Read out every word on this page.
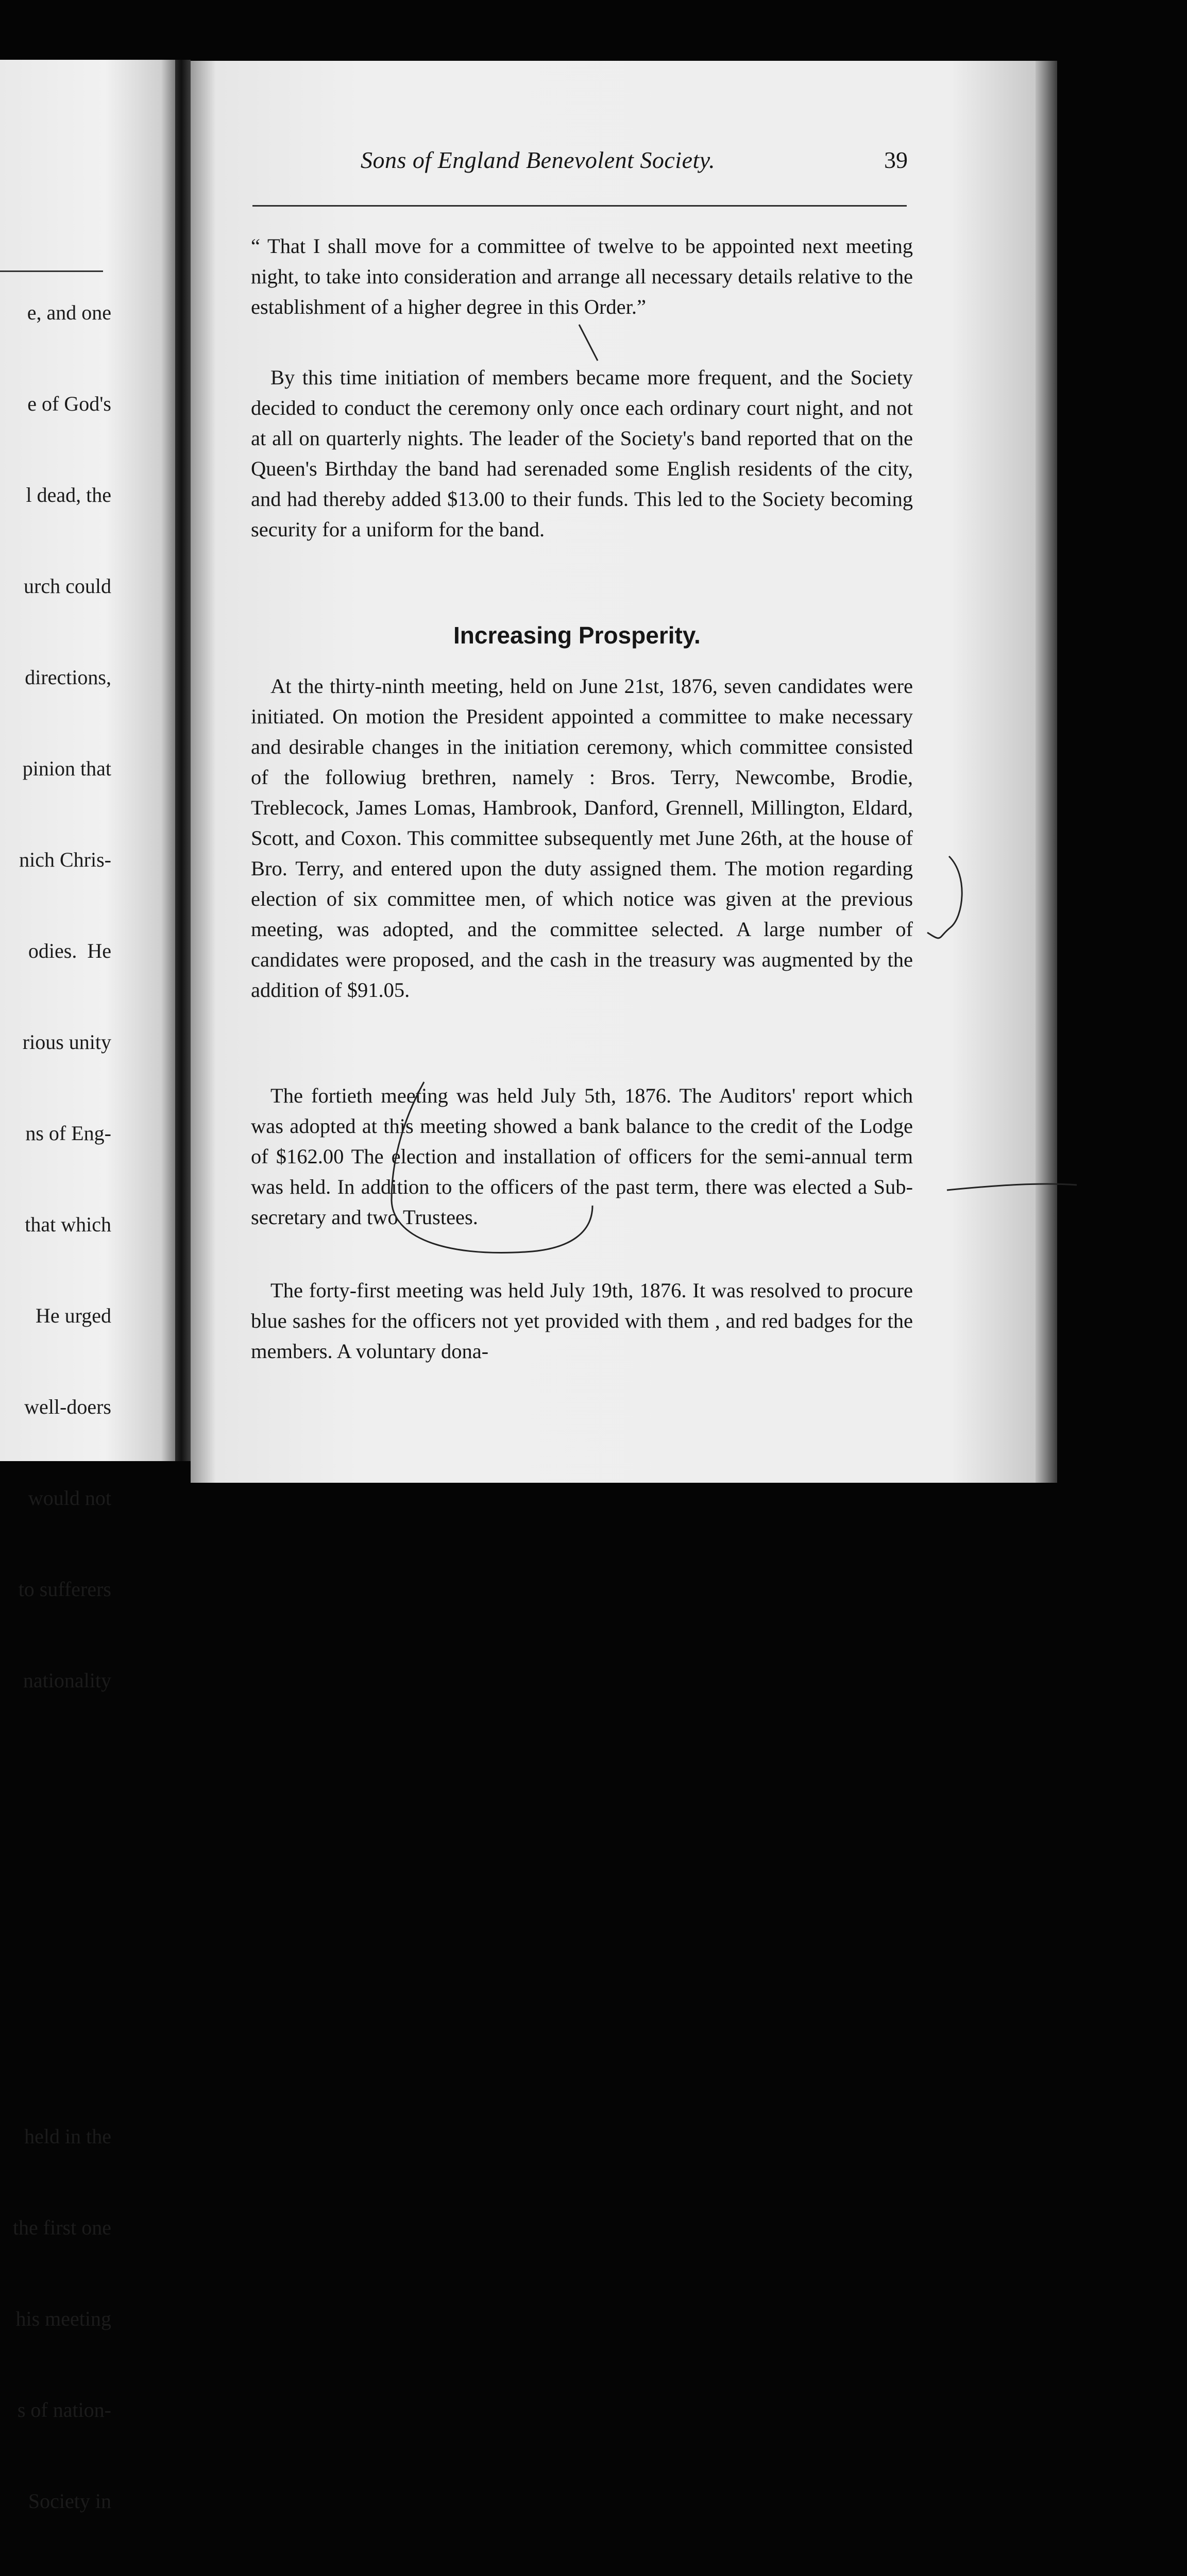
e, and one

e of God's

l dead, the

urch could

directions,

pinion that

nich Chris-

odies.  He

rious unity

ns of Eng-

that which

He urged

well-doers

would not

to sufferers

nationality

held in the

the first one

his meeting

s of nation-

Society in

Sons of England Benevolent Society.	39
“ That I shall move for a committee of twelve to be appointed next meeting night, to take into consideration and arrange all necessary details relative to the establishment of a higher degree in this Order.”
By this time initiation of members became more frequent, and the Society decided to conduct the ceremony only once each ordinary court night, and not at all on quarterly nights. The leader of the Society's band reported that on the Queen's Birthday the band had serenaded some English residents of the city, and had thereby added $13.00 to their funds. This led to the Society becoming security for a uniform for the band.
Increasing Prosperity.
At the thirty-ninth meeting, held on June 21st, 1876, seven candidates were initiated. On motion the President appointed a committee to make necessary and desirable changes in the initiation ceremony, which committee consisted of the followiug brethren, namely : Bros. Terry, Newcombe, Brodie, Treblecock, James Lomas, Hambrook, Danford, Grennell, Millington, Eldard, Scott, and Coxon. This committee subsequently met June 26th, at the house of Bro. Terry, and entered upon the duty assigned them. The motion regarding election of six committee men, of which notice was given at the previous meeting, was adopted, and the committee selected. A large number of candidates were proposed, and the cash in the treasury was augmented by the addition of $91.05.
The fortieth meeting was held July 5th, 1876. The Auditors' report which was adopted at this meeting showed a bank balance to the credit of the Lodge of $162.00 The election and installation of officers for the semi-annual term was held. In addition to the officers of the past term, there was elected a Sub-secretary and two Trustees.
The forty-first meeting was held July 19th, 1876. It was resolved to procure blue sashes for the officers not yet provided with them , and red badges for the members. A voluntary dona-
